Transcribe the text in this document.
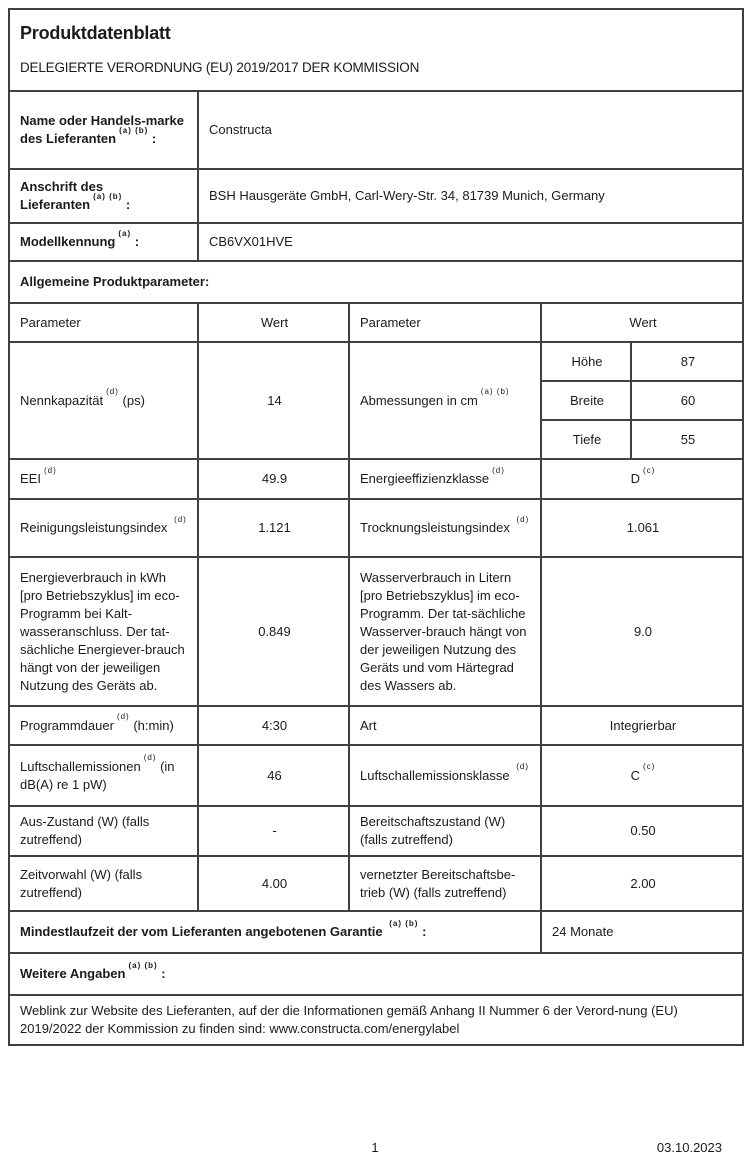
Produktdatenblatt
DELEGIERTE VERORDNUNG (EU) 2019/2017 DER KOMMISSION				

Name oder Handels-marke des Lieferanten$^{(a) (b)}$ :	Constructa			
Anschrift des Lieferanten$^{(a) (b)}$ :	BSH Hausgeräte GmbH, Carl-Wery-Str. 34, 81739 Munich, Germany			
Modellkennung$^{(a)}$ :	CB6VX01HVE			
Allgemeine Produktparameter:				
Parameter	Wert	Parameter	Wert	
Nennkapazität$^{(d)}$ (ps)	14	Abmessungen in $cm^{(a) (b)}$	Höhe	87
			Breite	60
			Tiefe	55
EEI$^{(d)}$	49.9	Energieeffizienzklasse$^{(d)}$	$D^{(c)}$
Reinigungsleistungsindex $^{(d)}$	1.121	Trocknungsleistungsindex $^{(d)}$	1.061	
Energieverbrauch in kWh [pro Betriebszyklus] im eco-Programm bei Kalt-wasseranschluss. Der tat-sächliche Energiever-brauch hängt von der jeweiligen Nutzung des Geräts ab.	0.849	Wasserverbrauch in Litern [pro Betriebszyklus] im eco-Programm. Der tat-sächliche Wasserver-brauch hängt von der jeweiligen Nutzung des Geräts und vom Härtegrad des Wassers ab.	9.0	
Programmdauer$^{(d)}$ (h:min)	4:30	Art	Integrierbar	
Luftschallemissionen$^{(d)}$ (in dB(A) re 1 pW)	46	Luftschallemissionsklasse $^{(d)}$	$C^{(c)}$
Aus-Zustand (W) (falls zutreffend)	-	Bereitschaftszustand (W) (falls zutreffend)	0.50	
Zeitvorwahl (W) (falls zutreffend)	4.00	vernetzter Bereitschaftsbe-trieb (W) (falls zutreffend)	2.00	
Mindestlaufzeit der vom Lieferanten angebotenen Garantie $^{(a) (b)}$ :			24 Monate	
Weitere Angaben$^{(a) (b)}$ :				
Weblink zur Website des Lieferanten, auf der die Informationen gemäß Anhang II Nummer 6 der Verord-nung (EU) 2019/2022 der Kommission zu finden sind: www.constructa.com/energylabel				
1	03.10.2023
